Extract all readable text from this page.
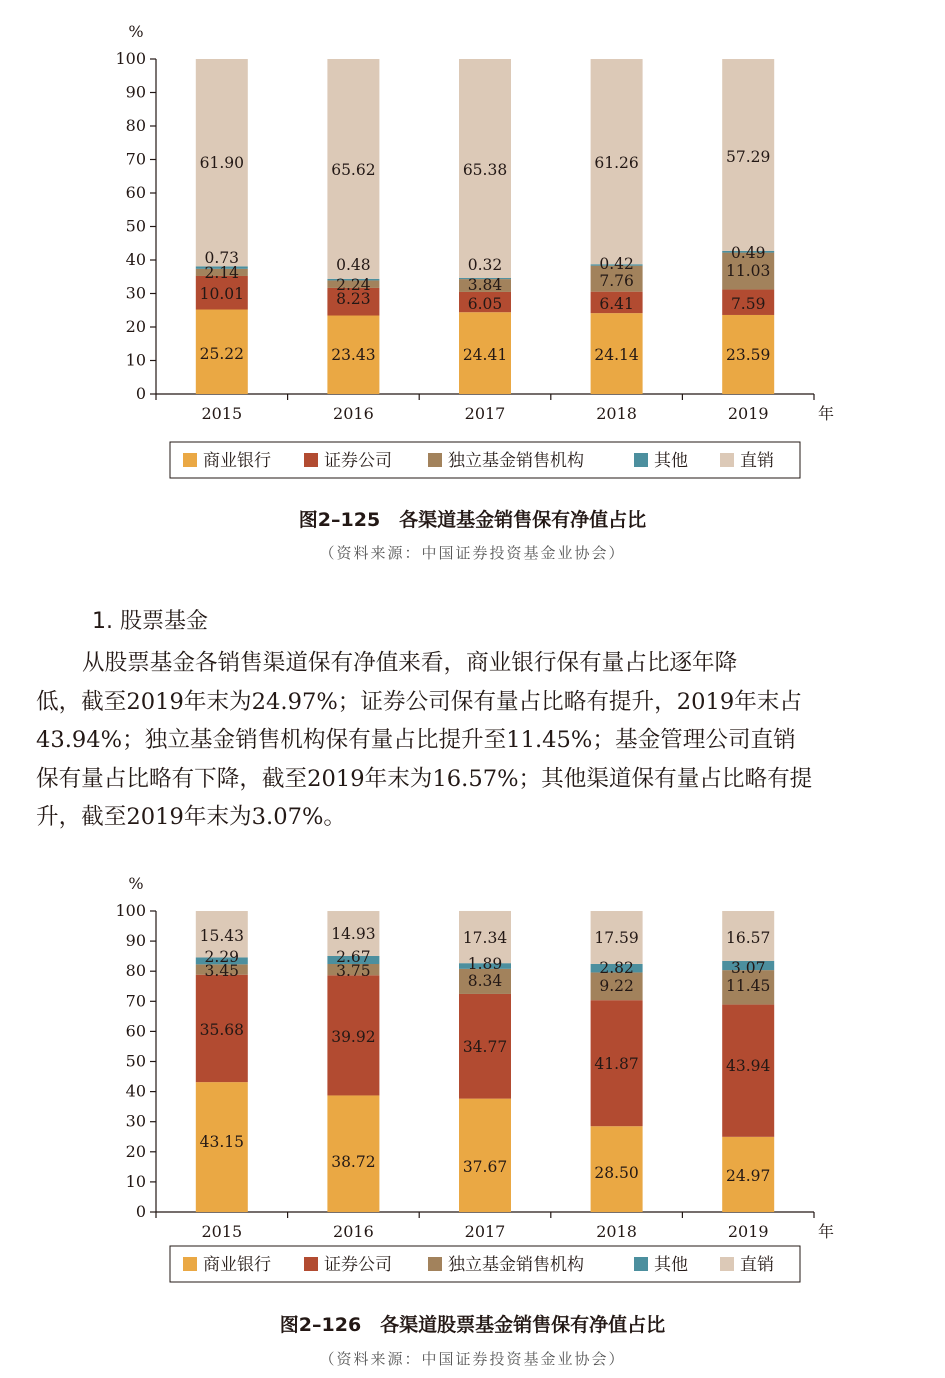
%
0
10
20
30
40
50
60
70
80
90
100
2015
25.22
10.01
2.14
0.73
61.90
2016
23.43
8.23
2.24
0.48
65.62
2017
24.41
6.05
3.84
0.32
65.38
2018
24.14
6.41
7.76
0.42
61.26
2019
23.59
7.59
11.03
0.49
57.29
年
商业银行	证券公司	独立基金销售机构	其他	直销
图2–125　各渠道基金销售保有净值占比
（资料来源：中国证券投资基金业协会）
1. 股票基金
从股票基金各销售渠道保有净值来看，商业银行保有量占比逐年降
低，截至2019年末为24.97%；证券公司保有量占比略有提升，2019年末占
43.94%；独立基金销售机构保有量占比提升至11.45%；基金管理公司直销
保有量占比略有下降，截至2019年末为16.57%；其他渠道保有量占比略有提
升，截至2019年末为3.07%。
%
0
10
20
30
40
50
60
70
80
90
100
2015
43.15
35.68
3.45
2.29
15.43
2016
38.72
39.92
3.75
2.67
14.93
2017
37.67
34.77
8.34
1.89
17.34
2018
28.50
41.87
9.22
2.82
17.59
2019
24.97
43.94
11.45
3.07
16.57
年
商业银行	证券公司	独立基金销售机构	其他	直销
图2–126　各渠道股票基金销售保有净值占比
（资料来源：中国证券投资基金业协会）
